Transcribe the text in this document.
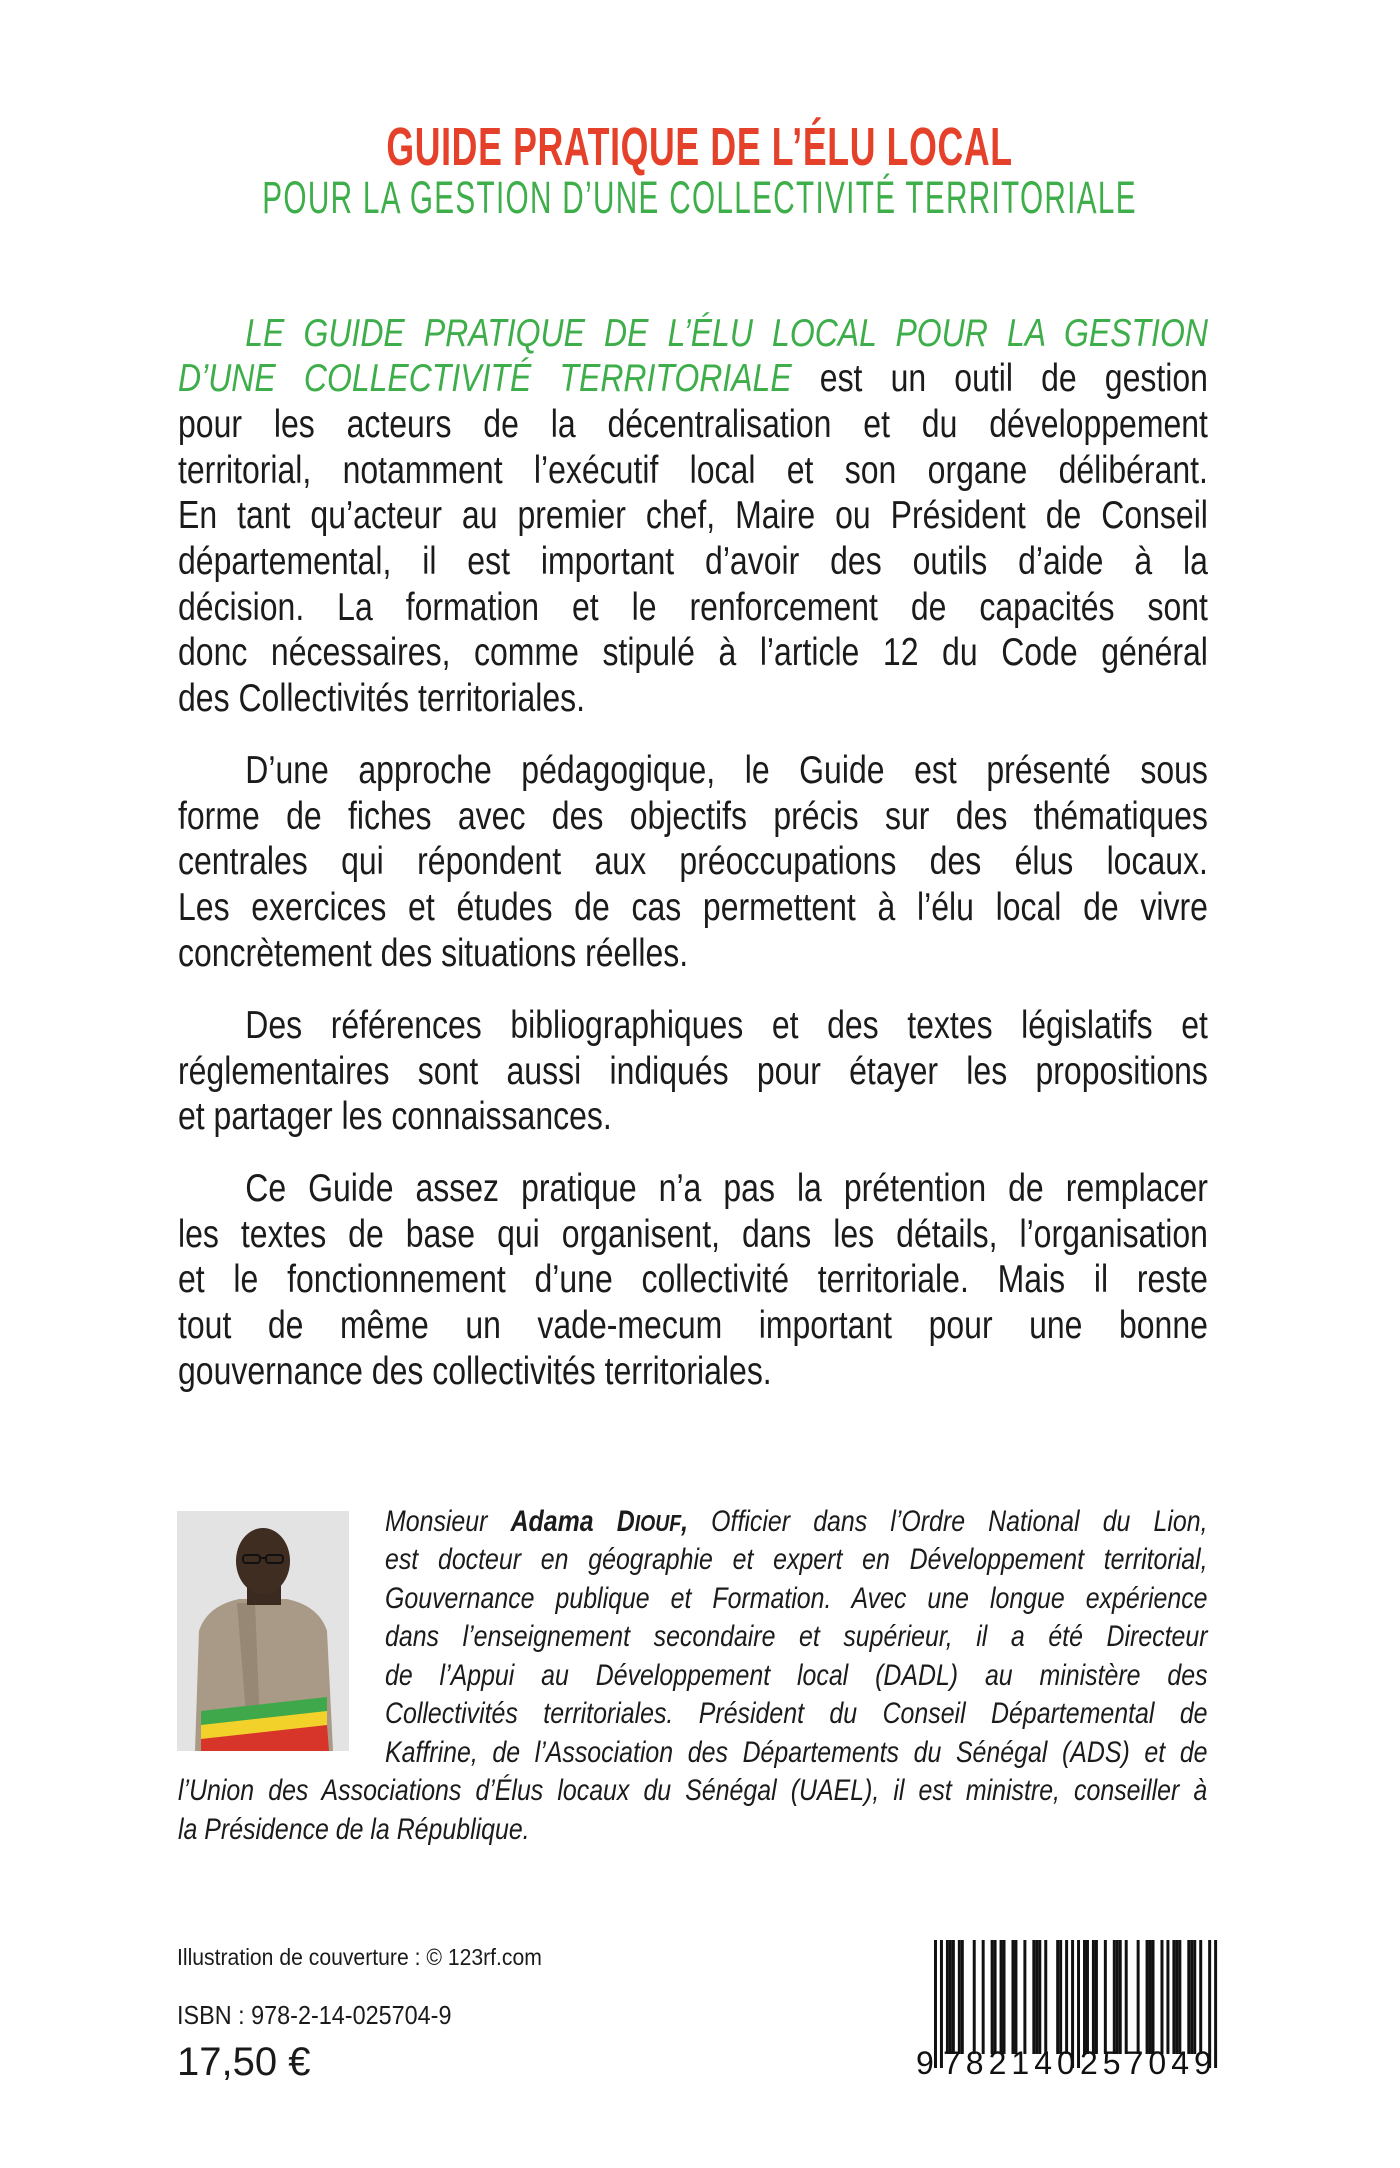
GUIDE PRATIQUE DE L’ÉLU LOCAL
POUR LA GESTION D’UNE COLLECTIVITÉ TERRITORIALE
LE GUIDE PRATIQUE DE L’ÉLU LOCAL POUR LA GESTION
D’UNE COLLECTIVITÉ TERRITORIALE est un outil de gestion
pour les acteurs de la décentralisation et du développement
territorial, notamment l’exécutif local et son organe délibérant.
En tant qu’acteur au premier chef, Maire ou Président de Conseil
départemental, il est important d’avoir des outils d’aide à la
décision. La formation et le renforcement de capacités sont
donc nécessaires, comme stipulé à l’article 12 du Code général
des Collectivités territoriales.
D’une approche pédagogique, le Guide est présenté sous
forme de fiches avec des objectifs précis sur des thématiques
centrales qui répondent aux préoccupations des élus locaux.
Les exercices et études de cas permettent à l’élu local de vivre
concrètement des situations réelles.
Des références bibliographiques et des textes législatifs et
réglementaires sont aussi indiqués pour étayer les propositions
et partager les connaissances.
Ce Guide assez pratique n’a pas la prétention de remplacer
les textes de base qui organisent, dans les détails, l’organisation
et le fonctionnement d’une collectivité territoriale. Mais il reste
tout de même un vade-mecum important pour une bonne
gouvernance des collectivités territoriales.
Monsieur Adama DIOUF, Officier dans l’Ordre National du Lion,
est docteur en géographie et expert en Développement territorial,
Gouvernance publique et Formation. Avec une longue expérience
dans l’enseignement secondaire et supérieur, il a été Directeur
de l’Appui au Développement local (DADL) au ministère des
Collectivités territoriales. Président du Conseil Départemental de
Kaffrine, de l’Association des Départements du Sénégal (ADS) et de
l’Union des Associations d’Élus locaux du Sénégal (UAEL), il est ministre, conseiller à
la Présidence de la République.
Illustration de couverture : © 123rf.com
ISBN : 978-2-14-025704-9
17,50 €	9 782140 257049
